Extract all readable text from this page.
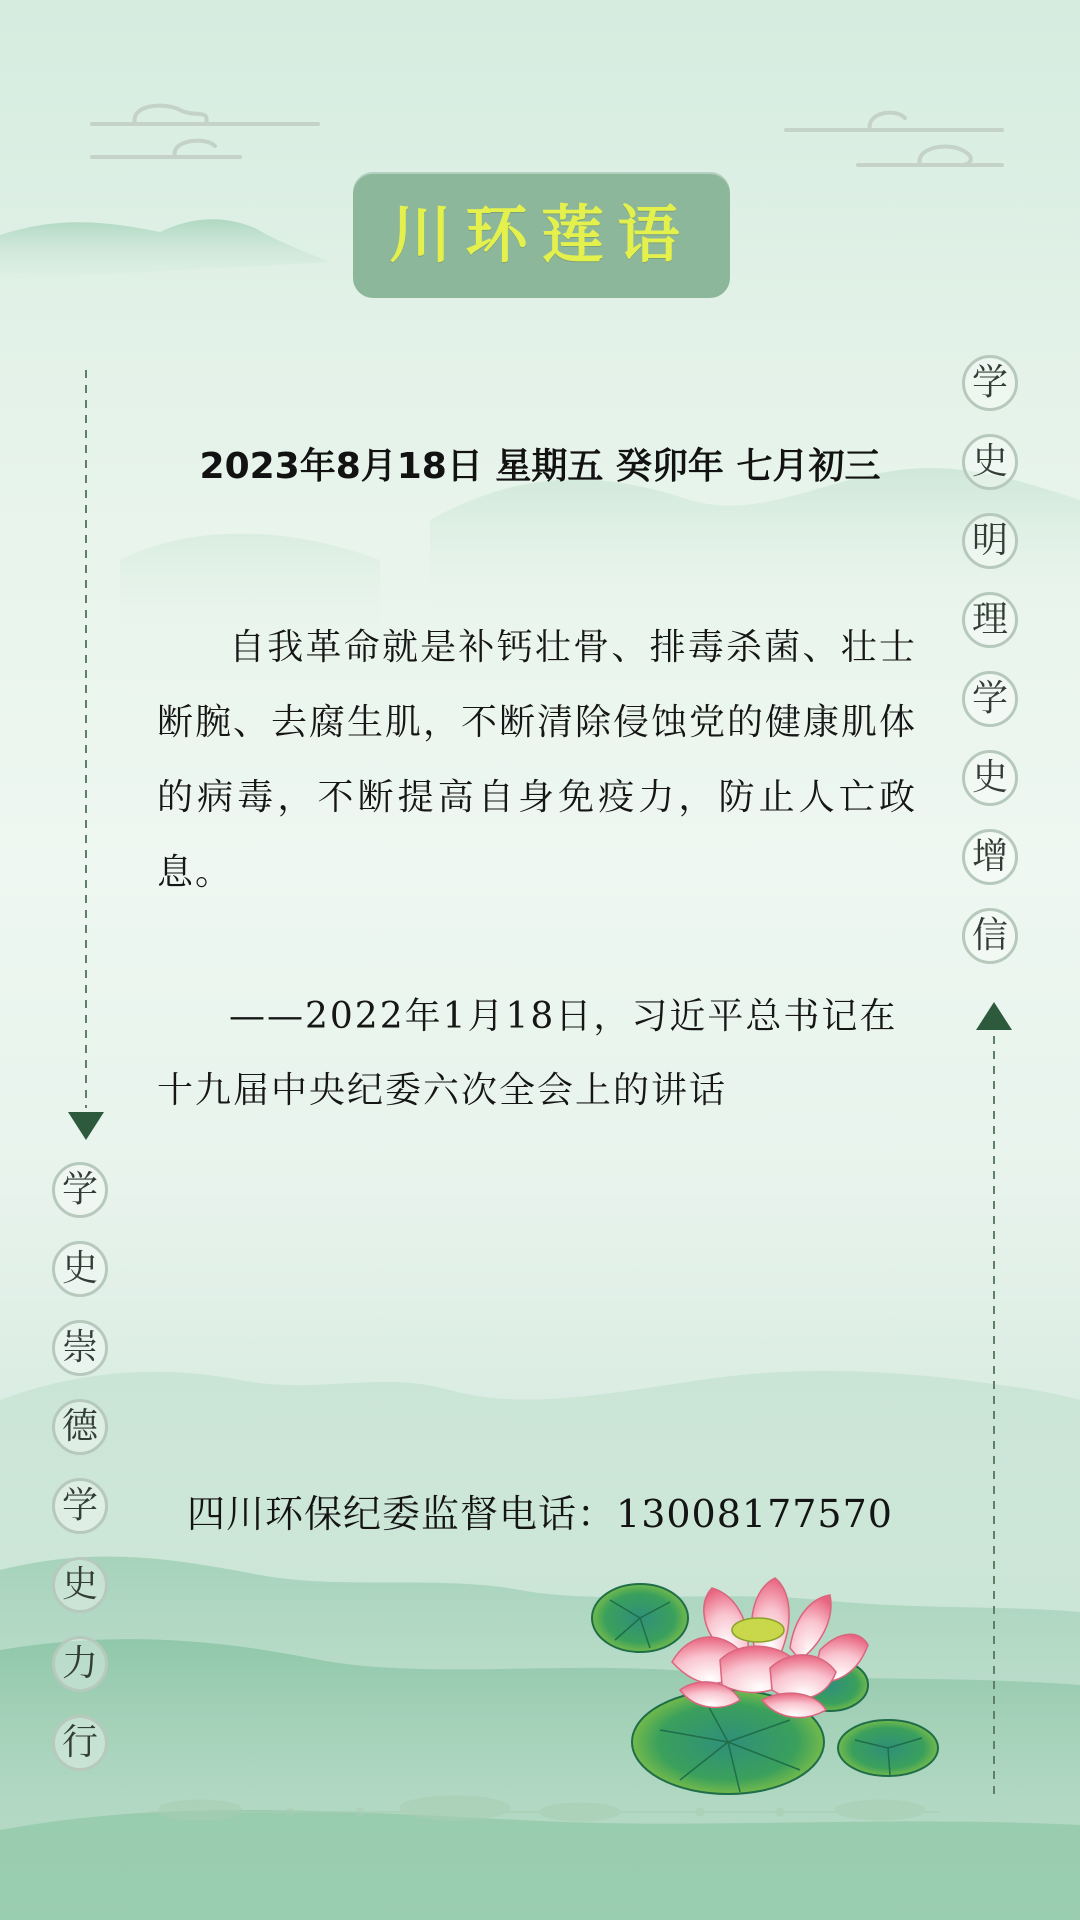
川环莲语
2023年8月18日 星期五 癸卯年 七月初三
自我革命就是补钙壮骨、排毒杀菌、壮士断腕、去腐生肌，不断清除侵蚀党的健康肌体的病毒，不断提高自身免疫力，防止人亡政息。
——2022年1月18日，习近平总书记在十九届中央纪委六次全会上的讲话
四川环保纪委监督电话：13008177570
学
史
崇
德
学
史
力
行
学
史
明
理
学
史
增
信
